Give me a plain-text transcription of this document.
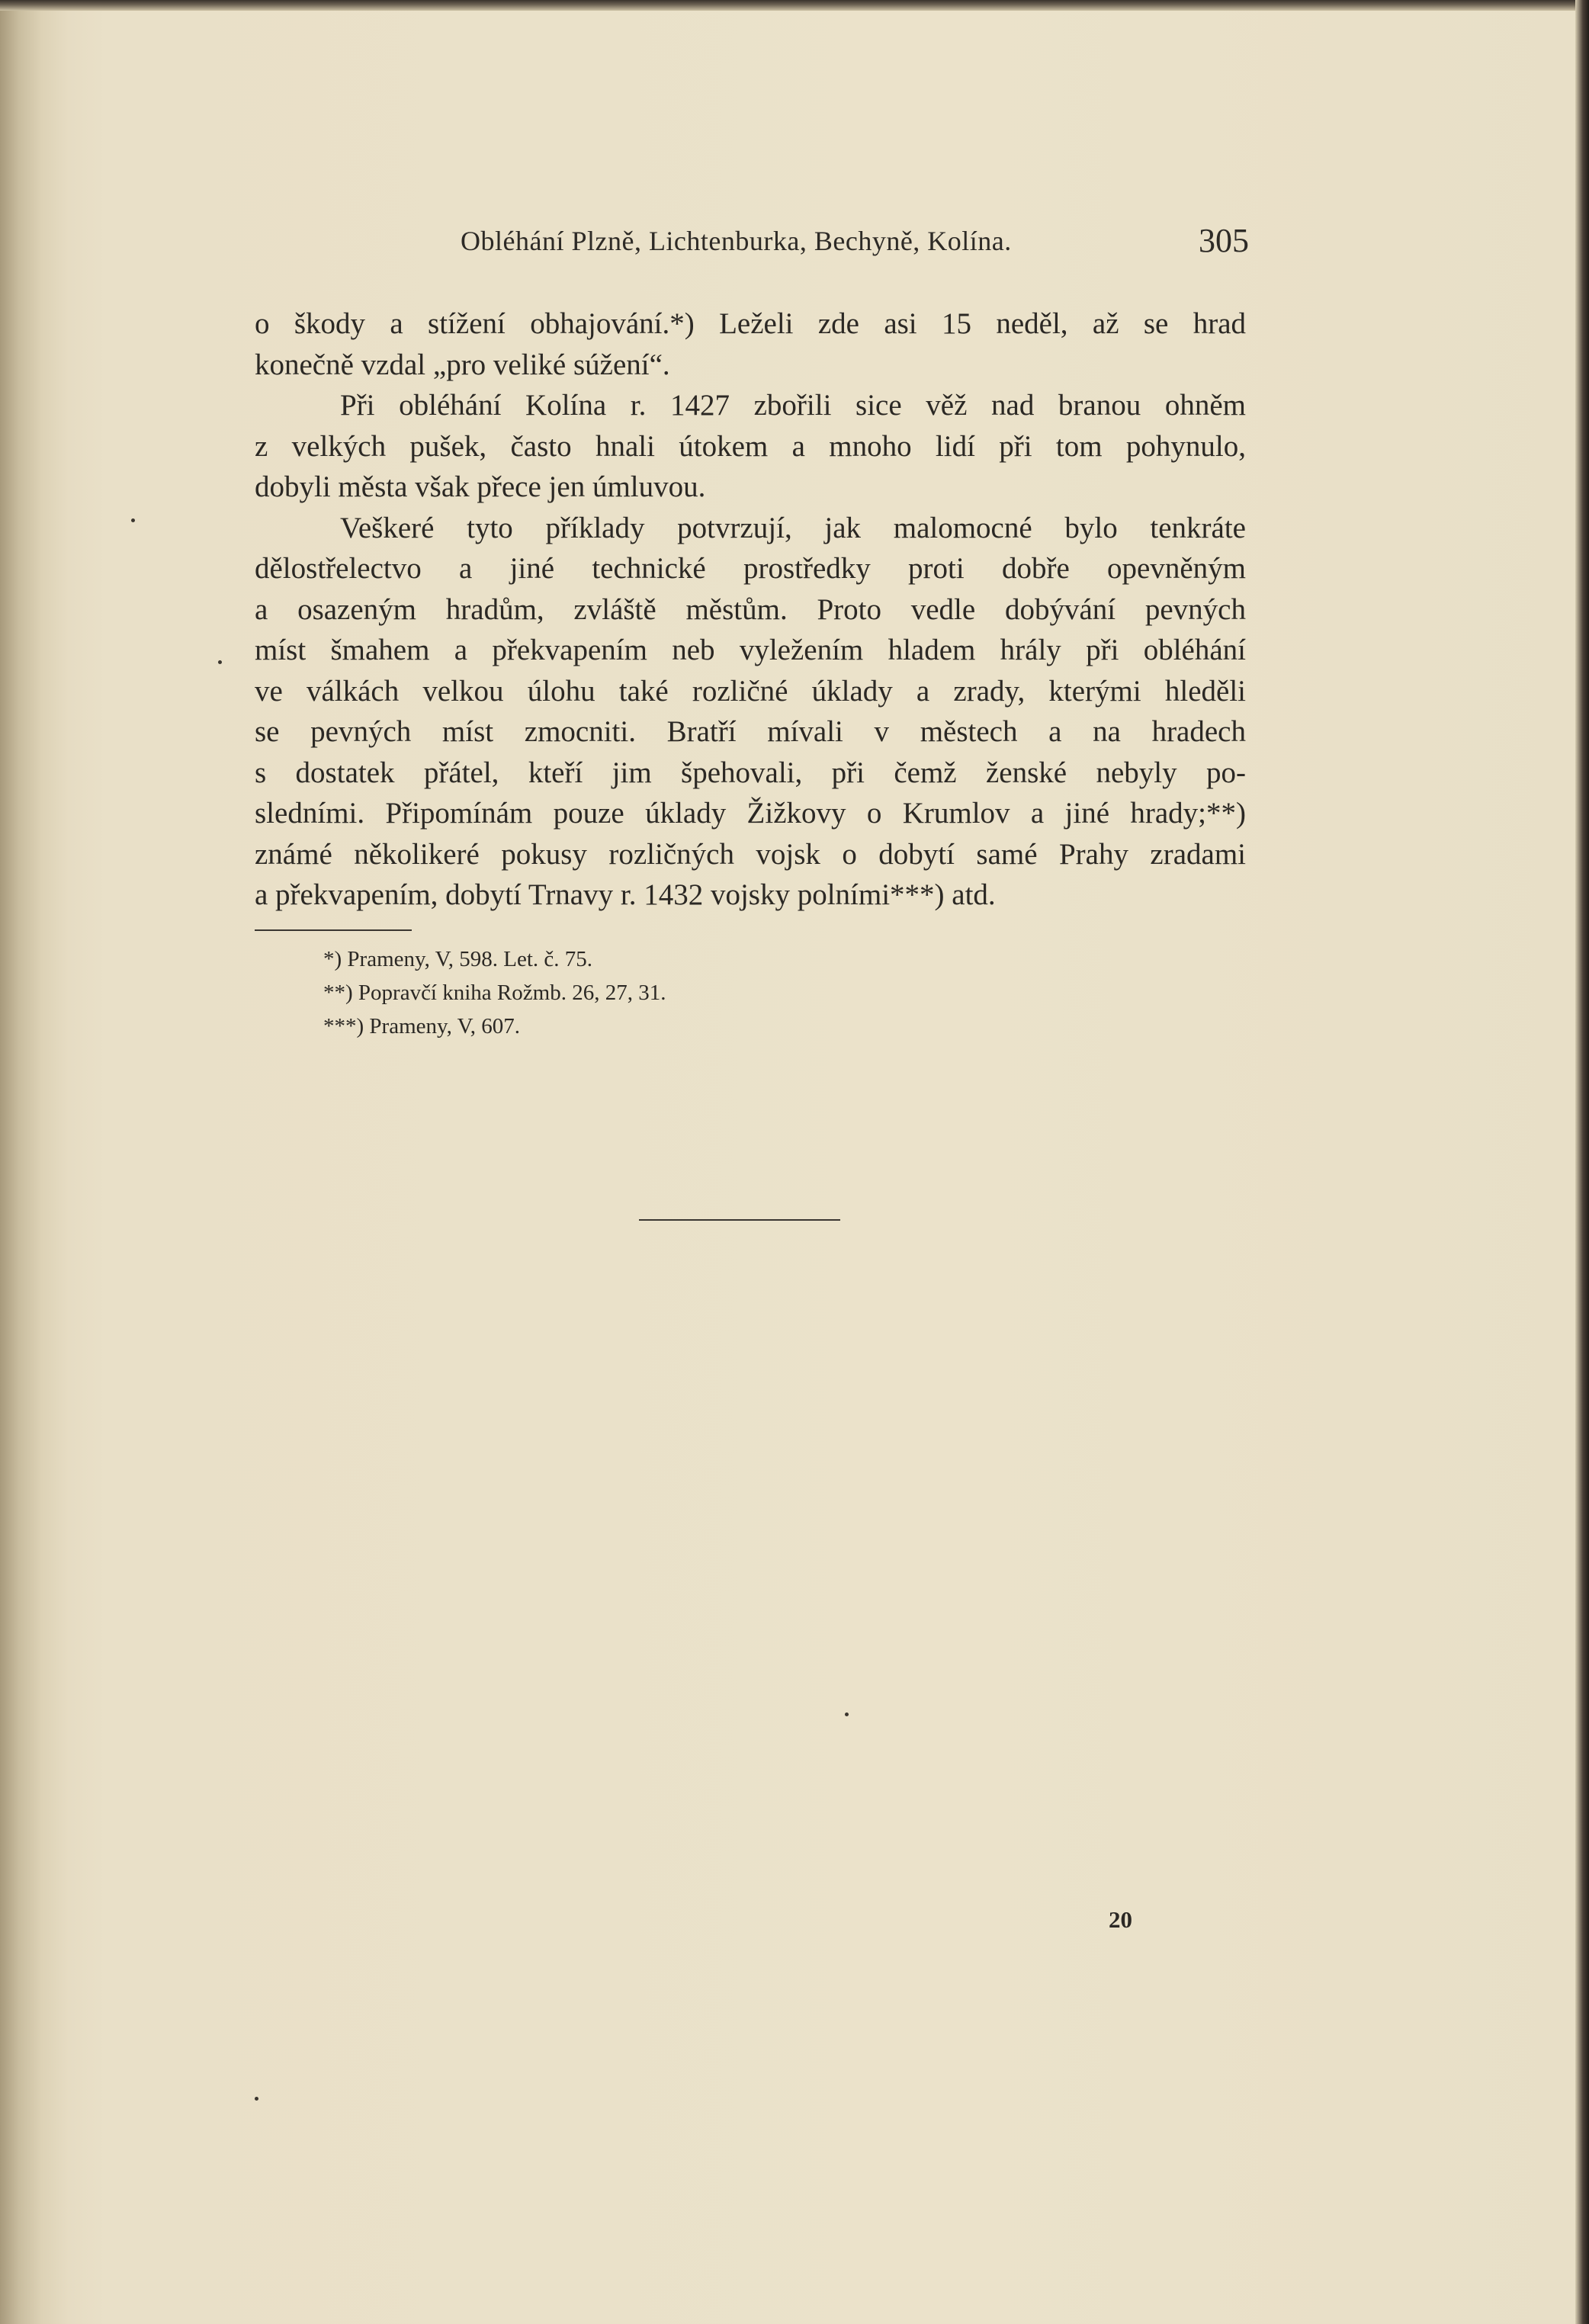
Obléhání Plzně, Lichtenburka, Bechyně, Kolína.	305
o škody a stížení obhajování.*) Leželi zde asi 15 neděl, až se hrad
konečně vzdal „pro veliké súžení“.
Při obléhání Kolína r. 1427 zbořili sice věž nad branou ohněm
z velkých pušek, často hnali útokem a mnoho lidí při tom pohynulo,
dobyli města však přece jen úmluvou.
Veškeré tyto příklady potvrzují, jak malomocné bylo tenkráte
dělostřelectvo a jiné technické prostředky proti dobře opevněným
a osazeným hradům, zvláště městům. Proto vedle dobývání pevných
míst šmahem a překvapením neb vyležením hladem hrály při obléhání
ve válkách velkou úlohu také rozličné úklady a zrady, kterými hleděli
se pevných míst zmocniti. Bratří mívali v městech a na hradech
s dostatek přátel, kteří jim špehovali, při čemž ženské nebyly po-
sledními. Připomínám pouze úklady Žižkovy o Krumlov a jiné hrady;**)
známé několikeré pokusy rozličných vojsk o dobytí samé Prahy zradami
a překvapením, dobytí Trnavy r. 1432 vojsky polními***) atd.
*) Prameny, V, 598. Let. č. 75.
**) Popravčí kniha Rožmb. 26, 27, 31.
***) Prameny, V, 607.
20
